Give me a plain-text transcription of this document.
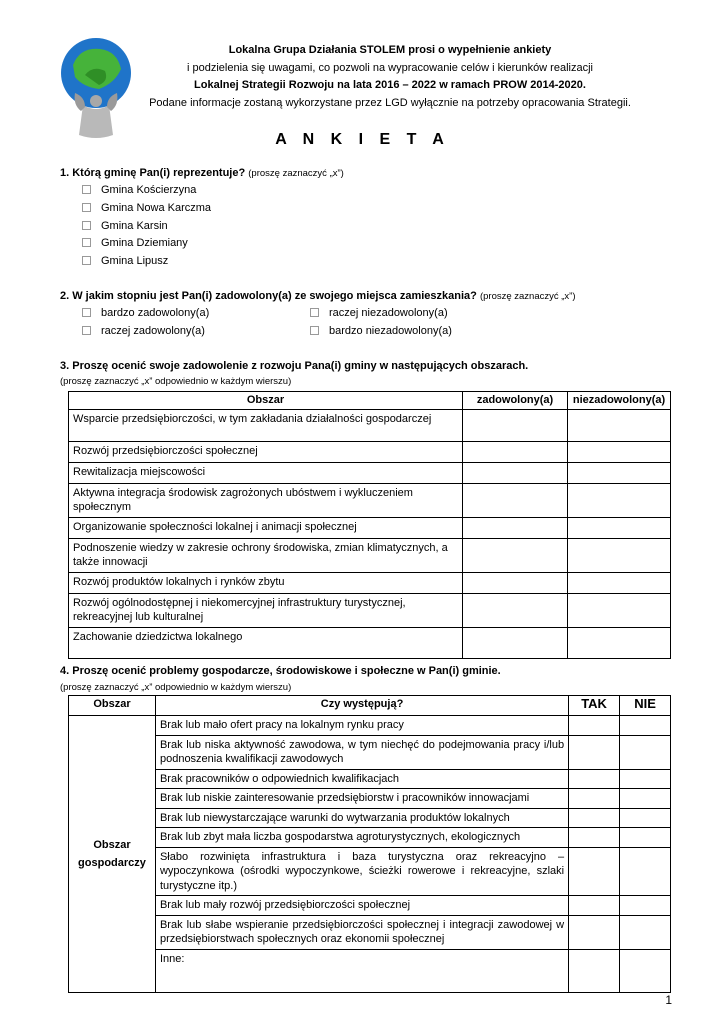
Lokalna Grupa Działania STOLEM prosi o wypełnienie ankiety
i podzielenia się uwagami, co pozwoli na wypracowanie celów i kierunków realizacji
Lokalnej Strategii Rozwoju na lata 2016 – 2022 w ramach PROW 2014-2020.
Podane informacje zostaną wykorzystane przez LGD wyłącznie na potrzeby opracowania Strategii.
A N K I E T A
1. Którą gminę Pan(i) reprezentuje? (proszę zaznaczyć „x”)
Gmina Kościerzyna
Gmina Nowa Karczma
Gmina Karsin
Gmina Dziemiany
Gmina Lipusz
2. W jakim stopniu jest Pan(i) zadowolony(a) ze swojego miejsca zamieszkania? (proszę zaznaczyć „x”)
bardzo zadowolony(a)	raczej niezadowolony(a)
raczej zadowolony(a)	bardzo niezadowolony(a)
3. Proszę ocenić swoje zadowolenie z rozwoju Pana(i) gminy w następujących obszarach.
(proszę zaznaczyć „x” odpowiednio w każdym wierszu)
Obszar	zadowolony(a)	niezadowolony(a)
Wsparcie przedsiębiorczości, w tym zakładania działalności gospodarczej		
Rozwój przedsiębiorczości społecznej		
Rewitalizacja miejscowości		
Aktywna integracja środowisk zagrożonych ubóstwem i wykluczeniem społecznym		
Organizowanie społeczności lokalnej i animacji społecznej		
Podnoszenie wiedzy w zakresie ochrony środowiska, zmian klimatycznych, a także innowacji		
Rozwój produktów lokalnych i rynków zbytu		
Rozwój ogólnodostępnej i niekomercyjnej infrastruktury turystycznej, rekreacyjnej lub kulturalnej		
Zachowanie dziedzictwa lokalnego		
4. Proszę ocenić problemy gospodarcze, środowiskowe i społeczne w Pan(i) gminie.
(proszę zaznaczyć „x” odpowiednio w każdym wierszu)
Obszar	Czy występują?	TAK	NIE
Obszar gospodarczy	Brak lub mało ofert pracy na lokalnym rynku pracy		
	Brak lub niska aktywność zawodowa, w tym niechęć do podejmowania pracy i/lub podnoszenia kwalifikacji zawodowych		
	Brak pracowników o odpowiednich kwalifikacjach		
	Brak lub niskie zainteresowanie przedsiębiorstw i pracowników innowacjami		
	Brak lub niewystarczające warunki do wytwarzania produktów lokalnych		
	Brak lub zbyt mała liczba gospodarstwa agroturystycznych, ekologicznych		
	Słabo rozwinięta infrastruktura i baza turystyczna oraz rekreacyjno – wypoczynkowa (ośrodki wypoczynkowe, ścieżki rowerowe i rekreacyjne, szlaki turystyczne itp.)		
	Brak lub mały rozwój przedsiębiorczości społecznej		
	Brak lub słabe wspieranie przedsiębiorczości społecznej i integracji zawodowej w przedsiębiorstwach społecznych oraz ekonomii społecznej		
	Inne:		
1
